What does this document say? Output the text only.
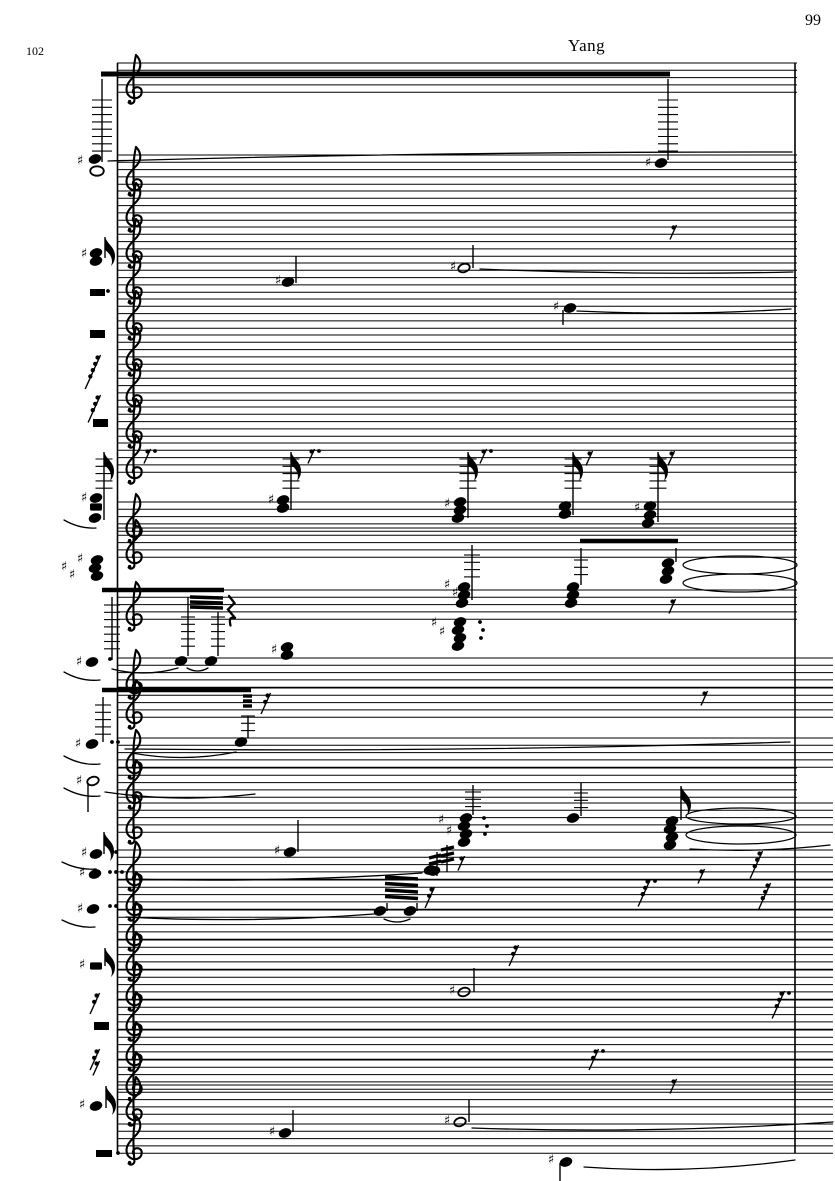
99
Yang
102
♯	♯
♯
♯
♯
♯
♯	♯	♯	♯
♯
♯
♯
♯
♯
♯
♯
♯
♯
♯
♯
♯
♯
♯	♯
♯
♯
♯
♯
♯
♯
♯
♯
